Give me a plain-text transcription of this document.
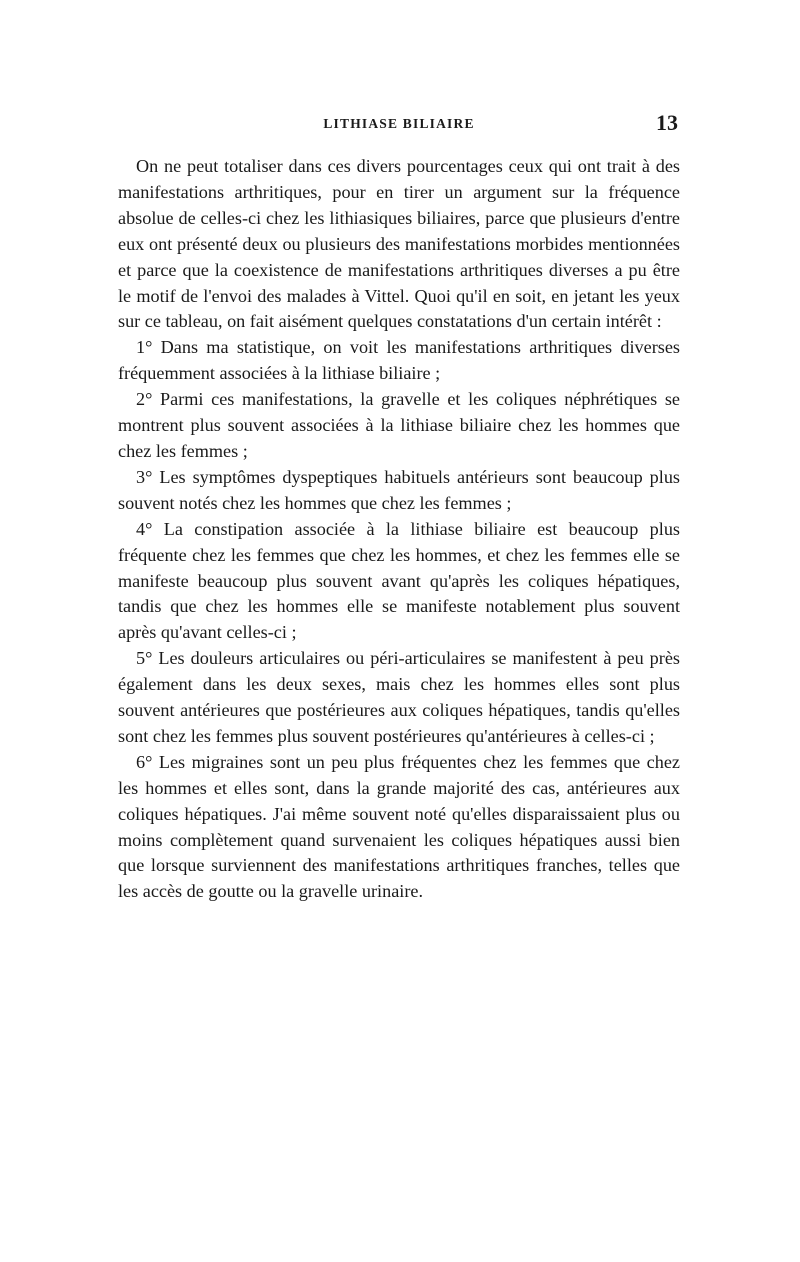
LITHIASE BILIAIRE	13

On ne peut totaliser dans ces divers pourcentages ceux qui ont trait à des manifestations arthritiques, pour en tirer un argument sur la fréquence absolue de celles-ci chez les lithiasiques biliaires, parce que plusieurs d'entre eux ont présenté deux ou plusieurs des manifestations morbides mentionnées et parce que la coexistence de manifestations arthritiques diverses a pu être le motif de l'envoi des malades à Vittel. Quoi qu'il en soit, en jetant les yeux sur ce tableau, on fait aisément quelques constatations d'un certain intérêt :

1° Dans ma statistique, on voit les manifestations arthritiques diverses fréquemment associées à la lithiase biliaire ;

2° Parmi ces manifestations, la gravelle et les coliques néphrétiques se montrent plus souvent associées à la lithiase biliaire chez les hommes que chez les femmes ;

3° Les symptômes dyspeptiques habituels antérieurs sont beaucoup plus souvent notés chez les hommes que chez les femmes ;

4° La constipation associée à la lithiase biliaire est beaucoup plus fréquente chez les femmes que chez les hommes, et chez les femmes elle se manifeste beaucoup plus souvent avant qu'après les coliques hépatiques, tandis que chez les hommes elle se manifeste notablement plus souvent après qu'avant celles-ci ;

5° Les douleurs articulaires ou péri-articulaires se manifestent à peu près également dans les deux sexes, mais chez les hommes elles sont plus souvent antérieures que postérieures aux coliques hépatiques, tandis qu'elles sont chez les femmes plus souvent postérieures qu'antérieures à celles-ci ;

6° Les migraines sont un peu plus fréquentes chez les femmes que chez les hommes et elles sont, dans la grande majorité des cas, antérieures aux coliques hépatiques. J'ai même souvent noté qu'elles disparaissaient plus ou moins complètement quand survenaient les coliques hépatiques aussi bien que lorsque surviennent des manifestations arthritiques franches, telles que les accès de goutte ou la gravelle urinaire.
